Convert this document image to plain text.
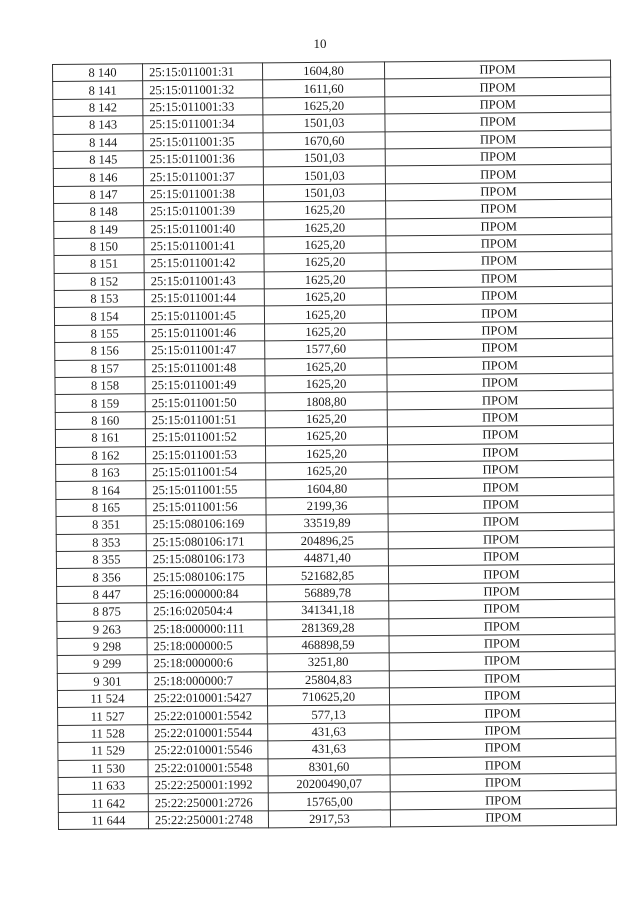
10
8 140	25:15:011001:31	1604,80	ПРОМ
8 141	25:15:011001:32	1611,60	ПРОМ
8 142	25:15:011001:33	1625,20	ПРОМ
8 143	25:15:011001:34	1501,03	ПРОМ
8 144	25:15:011001:35	1670,60	ПРОМ
8 145	25:15:011001:36	1501,03	ПРОМ
8 146	25:15:011001:37	1501,03	ПРОМ
8 147	25:15:011001:38	1501,03	ПРОМ
8 148	25:15:011001:39	1625,20	ПРОМ
8 149	25:15:011001:40	1625,20	ПРОМ
8 150	25:15:011001:41	1625,20	ПРОМ
8 151	25:15:011001:42	1625,20	ПРОМ
8 152	25:15:011001:43	1625,20	ПРОМ
8 153	25:15:011001:44	1625,20	ПРОМ
8 154	25:15:011001:45	1625,20	ПРОМ
8 155	25:15:011001:46	1625,20	ПРОМ
8 156	25:15:011001:47	1577,60	ПРОМ
8 157	25:15:011001:48	1625,20	ПРОМ
8 158	25:15:011001:49	1625,20	ПРОМ
8 159	25:15:011001:50	1808,80	ПРОМ
8 160	25:15:011001:51	1625,20	ПРОМ
8 161	25:15:011001:52	1625,20	ПРОМ
8 162	25:15:011001:53	1625,20	ПРОМ
8 163	25:15:011001:54	1625,20	ПРОМ
8 164	25:15:011001:55	1604,80	ПРОМ
8 165	25:15:011001:56	2199,36	ПРОМ
8 351	25:15:080106:169	33519,89	ПРОМ
8 353	25:15:080106:171	204896,25	ПРОМ
8 355	25:15:080106:173	44871,40	ПРОМ
8 356	25:15:080106:175	521682,85	ПРОМ
8 447	25:16:000000:84	56889,78	ПРОМ
8 875	25:16:020504:4	341341,18	ПРОМ
9 263	25:18:000000:111	281369,28	ПРОМ
9 298	25:18:000000:5	468898,59	ПРОМ
9 299	25:18:000000:6	3251,80	ПРОМ
9 301	25:18:000000:7	25804,83	ПРОМ
11 524	25:22:010001:5427	710625,20	ПРОМ
11 527	25:22:010001:5542	577,13	ПРОМ
11 528	25:22:010001:5544	431,63	ПРОМ
11 529	25:22:010001:5546	431,63	ПРОМ
11 530	25:22:010001:5548	8301,60	ПРОМ
11 633	25:22:250001:1992	20200490,07	ПРОМ
11 642	25:22:250001:2726	15765,00	ПРОМ
11 644	25:22:250001:2748	2917,53	ПРОМ
